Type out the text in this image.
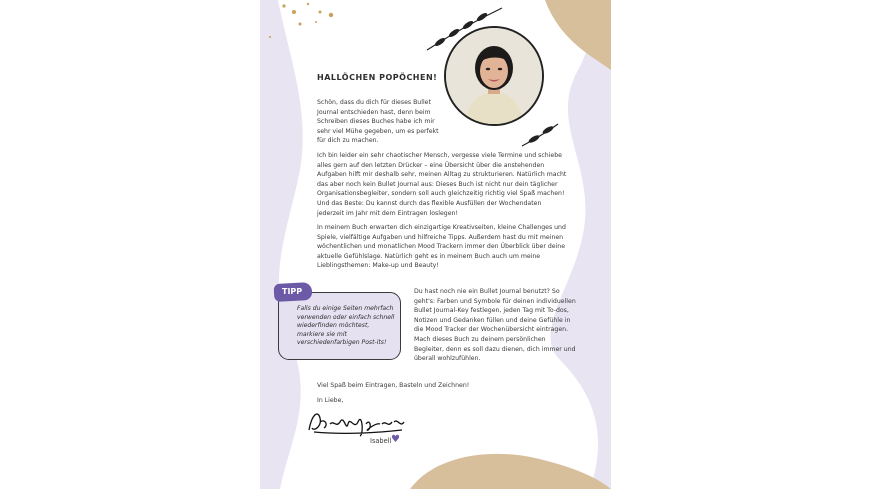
HALLÖCHEN POPÖCHEN!

Schön, dass du dich für dieses Bullet Journal entschieden hast, denn beim Schreiben dieses Buches habe ich mir sehr viel Mühe gegeben, um es perfekt für dich zu machen.

Ich bin leider ein sehr chaotischer Mensch, vergesse viele Termine und schiebe alles gern auf den letzten Drücker – eine Übersicht über die anstehenden Aufgaben hilft mir deshalb sehr, meinen Alltag zu strukturieren. Natürlich macht das aber noch kein Bullet Journal aus: Dieses Buch ist nicht nur dein täglicher Organisationsbegleiter, sondern soll auch gleichzeitig richtig viel Spaß machen! Und das Beste: Du kannst durch das flexible Ausfüllen der Wochendaten jederzeit im Jahr mit dem Eintragen loslegen!

In meinem Buch erwarten dich einzigartige Kreativseiten, kleine Challenges und Spiele, vielfältige Aufgaben und hilfreiche Tipps. Außerdem hast du mit meinen wöchentlichen und monatlichen Mood Trackern immer den Überblick über deine aktuelle Gefühlslage. Natürlich geht es in meinem Buch auch um meine Lieblingsthemen: Make-up und Beauty!

TIPP

Falls du einige Seiten mehrfach verwenden oder einfach schnell wiederfinden möchtest, markiere sie mit verschiedenfarbigen Post-its!

Du hast noch nie ein Bullet Journal benutzt? So geht's: Farben und Symbole für deinen individuellen Bullet Journal-Key festlegen, jeden Tag mit To-dos, Notizen und Gedanken füllen und deine Gefühle in die Mood Tracker der Wochenübersicht eintragen. Mach dieses Buch zu deinem persönlichen Begleiter, denn es soll dazu dienen, dich immer und überall wohlzufühlen.

Viel Spaß beim Eintragen, Basteln und Zeichnen!

In Liebe,

Isabell ♥
